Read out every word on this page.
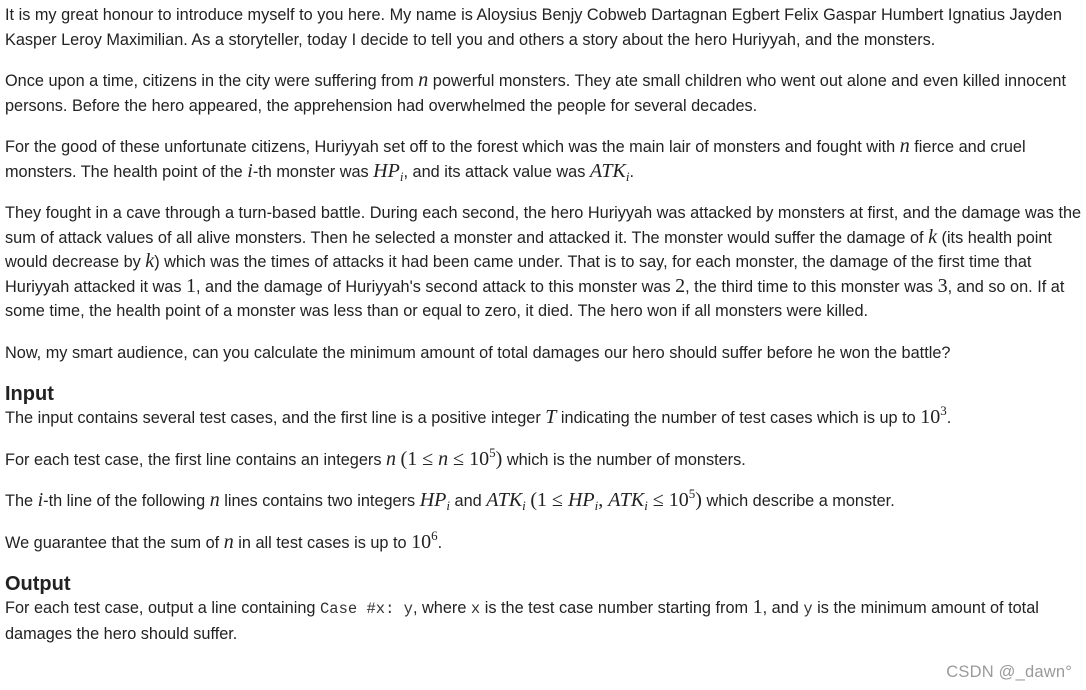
It is my great honour to introduce myself to you here. My name is Aloysius Benjy Cobweb Dartagnan Egbert Felix Gaspar Humbert Ignatius Jayden Kasper Leroy Maximilian. As a storyteller, today I decide to tell you and others a story about the hero Huriyyah, and the monsters.

Once upon a time, citizens in the city were suffering from n powerful monsters. They ate small children who went out alone and even killed innocent persons. Before the hero appeared, the apprehension had overwhelmed the people for several decades.

For the good of these unfortunate citizens, Huriyyah set off to the forest which was the main lair of monsters and fought with n fierce and cruel monsters. The health point of the i-th monster was $HP_i$, and its attack value was $ATK_i$.

They fought in a cave through a turn-based battle. During each second, the hero Huriyyah was attacked by monsters at first, and the damage was the sum of attack values of all alive monsters. Then he selected a monster and attacked it. The monster would suffer the damage of k (its health point would decrease by k) which was the times of attacks it had been came under. That is to say, for each monster, the damage of the first time that Huriyyah attacked it was 1, and the damage of Huriyyah's second attack to this monster was 2, the third time to this monster was 3, and so on. If at some time, the health point of a monster was less than or equal to zero, it died. The hero won if all monsters were killed.

Now, my smart audience, can you calculate the minimum amount of total damages our hero should suffer before he won the battle?

Input

The input contains several test cases, and the first line is a positive integer T indicating the number of test cases which is up to $10^3$.

For each test case, the first line contains an integers n $(1 \le n \le 10^5)$ which is the number of monsters.

The i-th line of the following n lines contains two integers $HP_i$ and $ATK_i$ ($1 \le HP_i$, $ATK_i \le 10^5$) which describe a monster.

We guarantee that the sum of n in all test cases is up to $10^6$.

Output

For each test case, output a line containing Case #x: y, where x is the test case number starting from 1, and y is the minimum amount of total damages the hero should suffer.

CSDN @_dawn°
